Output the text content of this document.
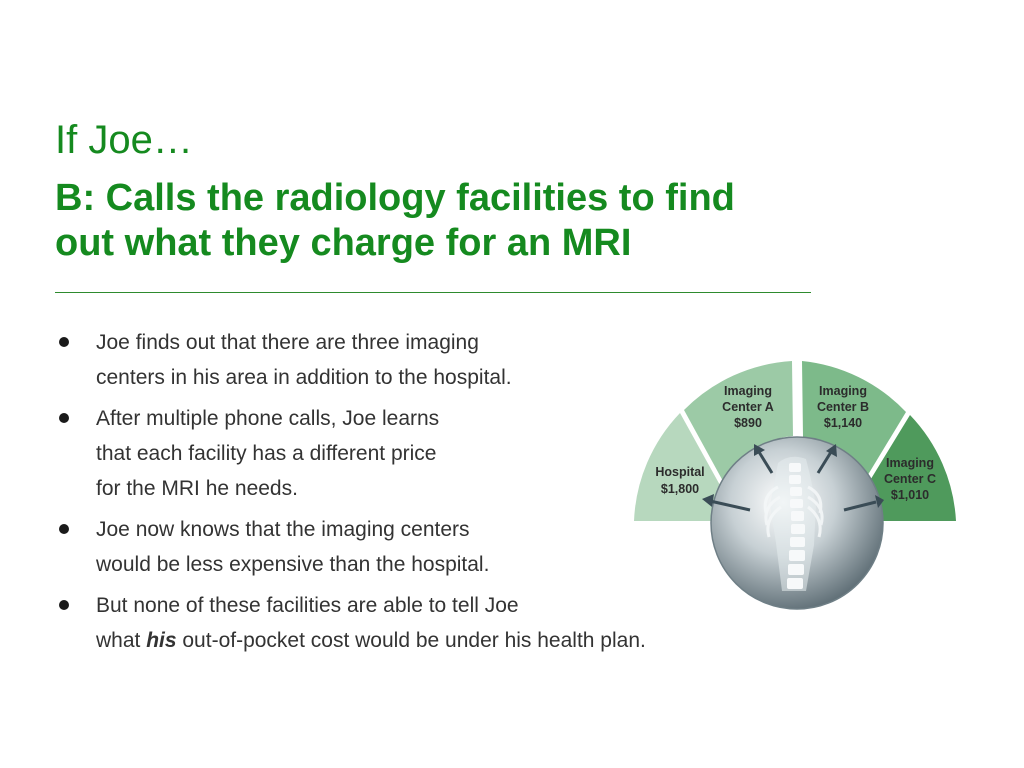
If Joe…
B: Calls the radiology facilities to find
out what they charge for an MRI
Joe finds out that there are three imaging
centers in his area in addition to the hospital.
After multiple phone calls, Joe learns
that each facility has a different price
for the MRI he needs.
Joe now knows that the imaging centers
would be less expensive than the hospital.
But none of these facilities are able to tell Joe
what his out-of-pocket cost would be under his health plan.
Hospital
$1,800
Imaging
Center A
$890
Imaging
Center B
$1,140
Imaging
Center C
$1,010
